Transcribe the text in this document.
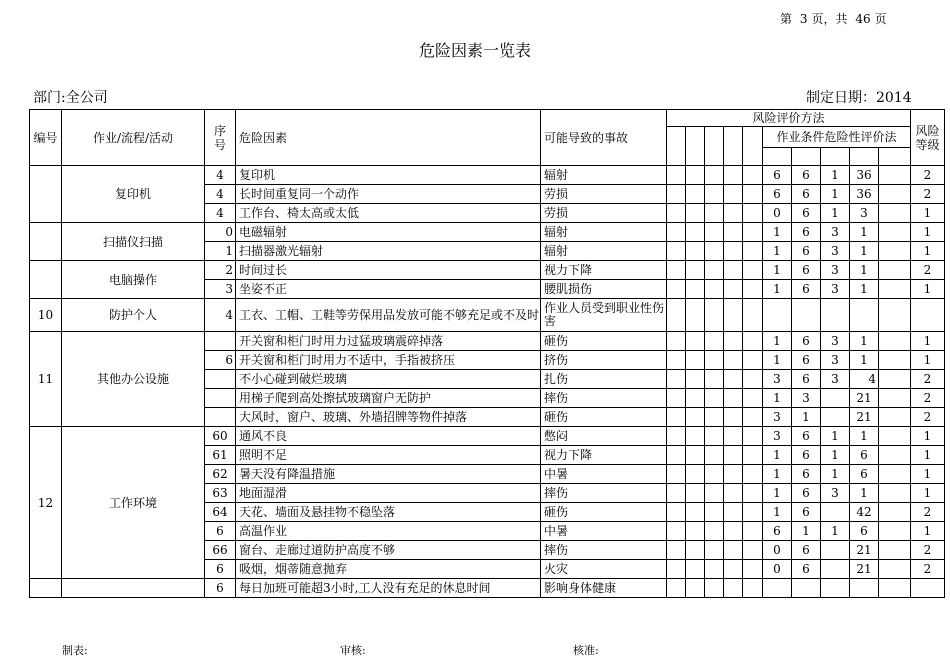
第 3 页，共 46 页
危险因素一览表
部门:全公司	制定日期：2014
编号	作业/流程/活动	序
号	危险因素	可能导致的事故	风险评价方法										风险
等级
										作业条件危险性评价法					

	复印机	4	复印机	辐射						6	6	1	36		2
		4	长时间重复同一个动作	劳损						6	6	1	36		2
		4	工作台、椅太高或太低	劳损						0	6	1	3		1
	扫描仪扫描	0	电磁辐射	辐射						1	6	3	1		1
		1	扫描器激光辐射	辐射						1	6	3	1		1
	电脑操作	2	时间过长	视力下降						1	6	3	1		2
		3	坐姿不正	腰肌损伤						1	6	3	1		1
10	防护个人	4	工衣、工帽、工鞋等劳保用品发放可能不够充足或不及时	作业人员受到职业性伤害											
11	其他办公设施		开关窗和柜门时用力过猛玻璃震碎掉落	砸伤						1	6	3	1		1
		6	开关窗和柜门时用力不适中，手指被挤压	挤伤						1	6	3	1		1
			不小心碰到破烂玻璃	扎伤						3	6	3	4		2
			用梯子爬到高处擦拭玻璃窗户无防护	摔伤						1	3		21		2
			大风时，窗户、玻璃、外墙招牌等物件掉落	砸伤						3	1		21		2
12	工作环境	60	通风不良	憋闷						3	6	1	1		1
		61	照明不足	视力下降						1	6	1	6		1
		62	暑天没有降温措施	中暑						1	6	1	6		1
		63	地面湿滑	摔伤						1	6	3	1		1
		64	天花、墙面及悬挂物不稳坠落	砸伤						1	6		42		2
		6	高温作业	中暑						6	1	1	6		1
		66	窗台、走廊过道防护高度不够	摔伤						0	6		21		2
		6	吸烟，烟蒂随意抛弃	火灾						0	6		21		2
		6	每日加班可能超3小时,工人没有充足的休息时间	影响身体健康											
制表:	审核:	核准:
